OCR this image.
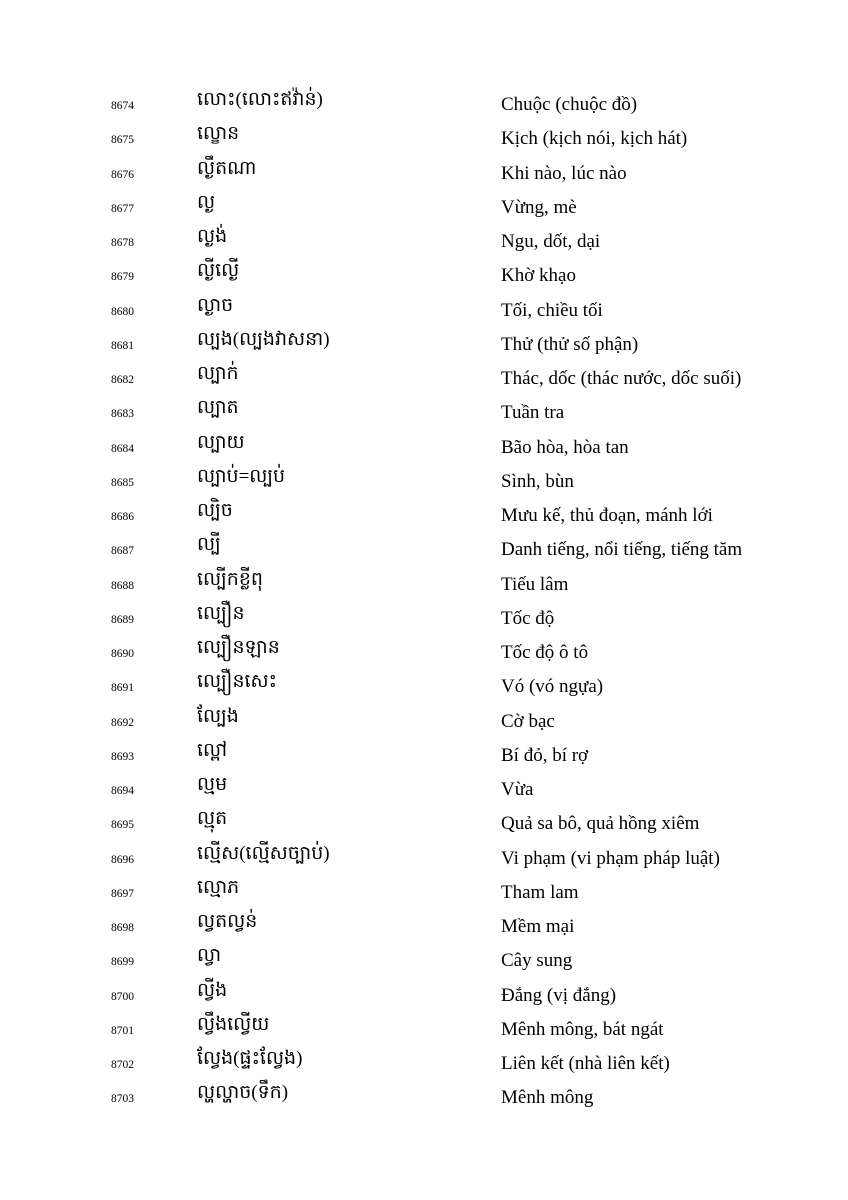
8674	លោះ(លោះឥវ៉ាន់)	Chuộc (chuộc đồ)
8675	ល្ខោន	Kịch (kịch nói, kịch hát)
8676	ល្ងឹតណា	Khi nào, lúc nào
8677	ល្ង	Vừng, mè
8678	ល្ងង់	Ngu, dốt, dại
8679	ល្ងីល្ងើ	Khờ khạo
8680	ល្ងាច	Tối, chiều tối
8681	ល្បង(ល្បងវាសនា)	Thử (thử số phận)
8682	ល្បាក់	Thác, dốc (thác nước, dốc suối)
8683	ល្បាត	Tuần tra
8684	ល្បាយ	Bão hòa, hòa tan
8685	ល្បាប់=ល្បប់	Sình, bùn
8686	ល្បិច	Mưu kế, thủ đoạn, mánh lới
8687	ល្បី	Danh tiếng, nổi tiếng, tiếng tăm
8688	ល្បើកខ្លីពុ	Tiếu lâm
8689	ល្បឿន	Tốc độ
8690	ល្បឿនឡាន	Tốc độ ô tô
8691	ល្បឿនសេះ	Vó (vó ngựa)
8692	ល្បែង	Cờ bạc
8693	ល្ពៅ	Bí đỏ, bí rợ
8694	ល្មម	Vừa
8695	ល្មុត	Quả sa bô, quả hồng xiêm
8696	ល្មើស(ល្មើសច្បាប់)	Vi phạm (vi phạm pháp luật)
8697	ល្មោភ	Tham lam
8698	ល្វតល្វន់	Mềm mại
8699	ល្វា	Cây sung
8700	ល្វីង	Đắng (vị đắng)
8701	ល្វឹងល្វើយ	Mênh mông, bát ngát
8702	ល្វែង(ផ្ទះល្វែង)	Liên kết (nhà liên kết)
8703	ល្ហល្ហាច(ទឹក)	Mênh mông
